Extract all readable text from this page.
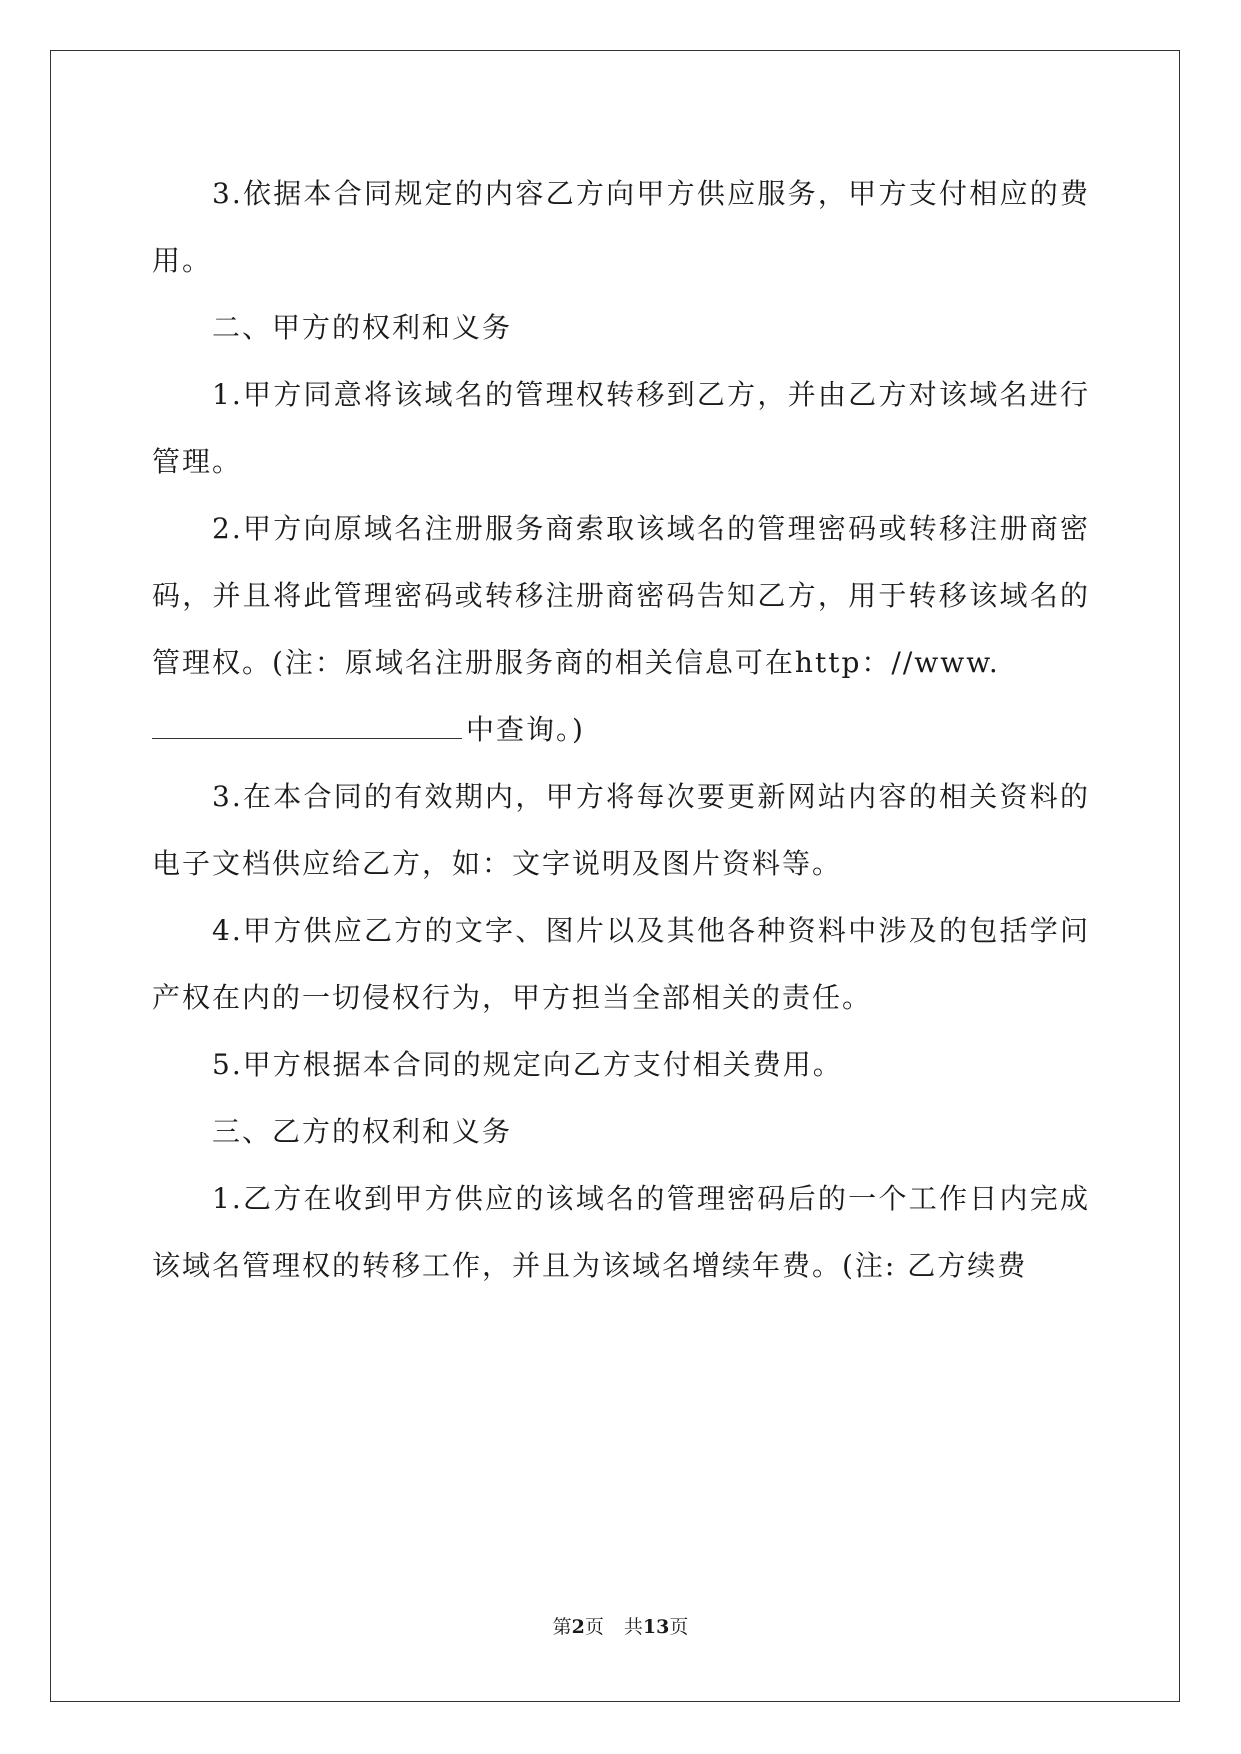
3.依据本合同规定的内容乙方向甲方供应服务，甲方支付相应的费用。

二、甲方的权利和义务

1.甲方同意将该域名的管理权转移到乙方，并由乙方对该域名进行管理。

2.甲方向原域名注册服务商索取该域名的管理密码或转移注册商密码，并且将此管理密码或转移注册商密码告知乙方，用于转移该域名的管理权。(注：原域名注册服务商的相关信息可在http：//www.

中查询。)

3.在本合同的有效期内，甲方将每次要更新网站内容的相关资料的电子文档供应给乙方，如：文字说明及图片资料等。

4.甲方供应乙方的文字、图片以及其他各种资料中涉及的包括学问产权在内的一切侵权行为，甲方担当全部相关的责任。

5.甲方根据本合同的规定向乙方支付相关费用。

三、乙方的权利和义务

1.乙方在收到甲方供应的该域名的管理密码后的一个工作日内完成该域名管理权的转移工作，并且为该域名增续年费。(注: 乙方续费

第2页 共13页
